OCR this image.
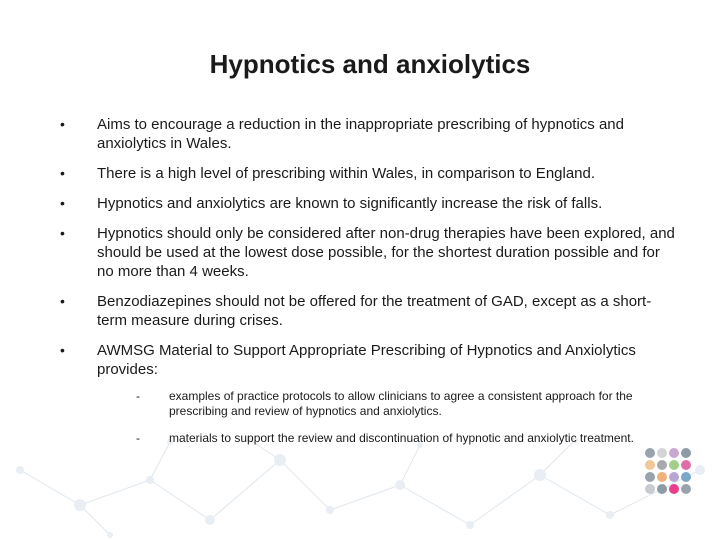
Hypnotics and anxiolytics
• Aims to encourage a reduction in the inappropriate prescribing of hypnotics and anxiolytics in Wales.
• There is a high level of prescribing within Wales, in comparison to England.
• Hypnotics and anxiolytics are known to significantly increase the risk of falls.
• Hypnotics should only be considered after non-drug therapies have been explored, and should be used at the lowest dose possible, for the shortest duration possible and for no more than 4 weeks.
• Benzodiazepines should not be offered for the treatment of GAD, except as a short-term measure during crises.
• AWMSG Material to Support Appropriate Prescribing of Hypnotics and Anxiolytics provides:
- examples of practice protocols to allow clinicians to agree a consistent approach for the prescribing and review of hypnotics and anxiolytics.
- materials to support the review and discontinuation of hypnotic and anxiolytic treatment.
